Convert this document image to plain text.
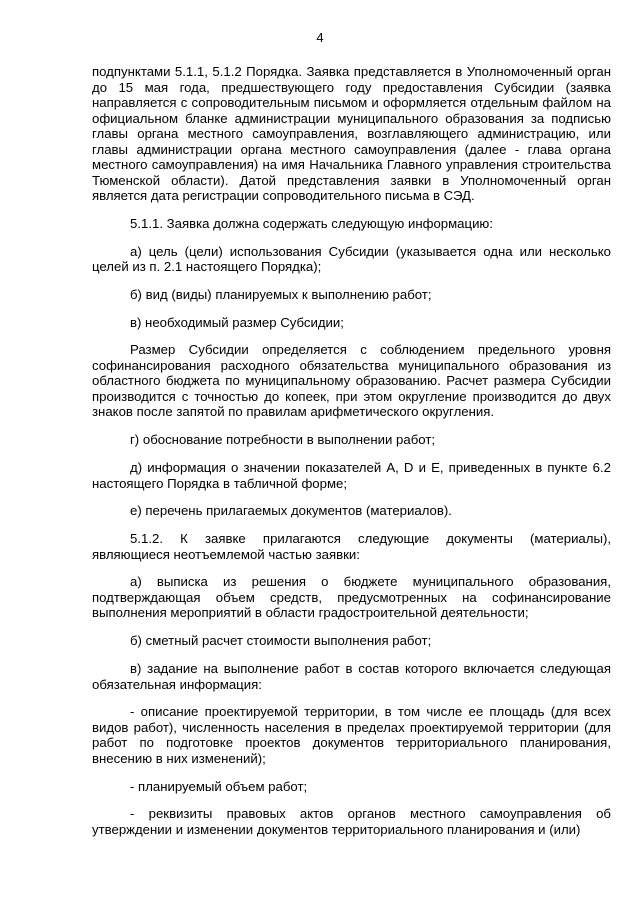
4

подпунктами 5.1.1, 5.1.2 Порядка. Заявка представляется в Уполномоченный орган до 15 мая года, предшествующего году предоставления Субсидии (заявка направляется с сопроводительным письмом и оформляется отдельным файлом на официальном бланке администрации муниципального образования за подписью главы органа местного самоуправления, возглавляющего администрацию, или главы администрации органа местного самоуправления (далее - глава органа местного самоуправления) на имя Начальника Главного управления строительства Тюменской области). Датой представления заявки в Уполномоченный орган является дата регистрации сопроводительного письма в СЭД.

5.1.1. Заявка должна содержать следующую информацию:

а) цель (цели) использования Субсидии (указывается одна или несколько целей из п. 2.1 настоящего Порядка);

б) вид (виды) планируемых к выполнению работ;

в) необходимый размер Субсидии;

Размер Субсидии определяется с соблюдением предельного уровня софинансирования расходного обязательства муниципального образования из областного бюджета по муниципальному образованию. Расчет размера Субсидии производится с точностью до копеек, при этом округление производится до двух знаков после запятой по правилам арифметического округления.

г) обоснование потребности в выполнении работ;

д) информация о значении показателей A, D и E, приведенных в пункте 6.2 настоящего Порядка в табличной форме;

е) перечень прилагаемых документов (материалов).

5.1.2. К заявке прилагаются следующие документы (материалы), являющиеся неотъемлемой частью заявки:

а) выписка из решения о бюджете муниципального образования, подтверждающая объем средств, предусмотренных на софинансирование выполнения мероприятий в области градостроительной деятельности;

б) сметный расчет стоимости выполнения работ;

в) задание на выполнение работ в состав которого включается следующая обязательная информация:

- описание проектируемой территории, в том числе ее площадь (для всех видов работ), численность населения в пределах проектируемой территории (для работ по подготовке проектов документов территориального планирования, внесению в них изменений);

- планируемый объем работ;

- реквизиты правовых актов органов местного самоуправления об утверждении и изменении документов территориального планирования и (или)
